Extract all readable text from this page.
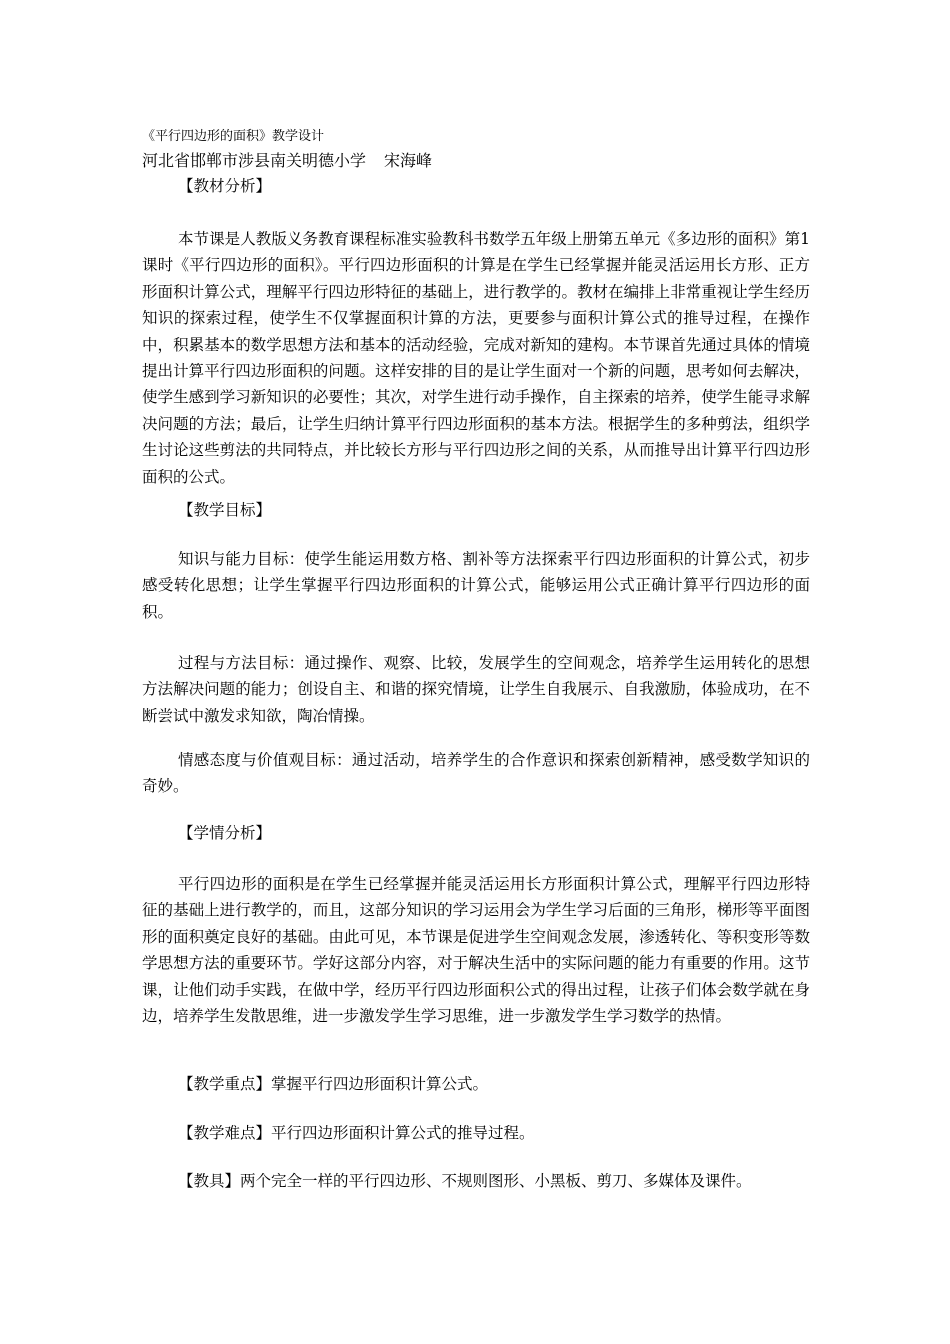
《平行四边形的面积》教学设计
河北省邯郸市涉县南关明德小学 宋海峰
【教材分析】
本节课是人教版义务教育课程标准实验教科书数学五年级上册第五单元《多边形的面积》第1课时《平行四边形的面积》。平行四边形面积的计算是在学生已经掌握并能灵活运用长方形、正方形面积计算公式，理解平行四边形特征的基础上，进行教学的。教材在编排上非常重视让学生经历知识的探索过程，使学生不仅掌握面积计算的方法，更要参与面积计算公式的推导过程，在操作中，积累基本的数学思想方法和基本的活动经验，完成对新知的建构。本节课首先通过具体的情境提出计算平行四边形面积的问题。这样安排的目的是让学生面对一个新的问题，思考如何去解决，使学生感到学习新知识的必要性；其次，对学生进行动手操作，自主探索的培养，使学生能寻求解决问题的方法；最后，让学生归纳计算平行四边形面积的基本方法。根据学生的多种剪法，组织学生讨论这些剪法的共同特点，并比较长方形与平行四边形之间的关系，从而推导出计算平行四边形面积的公式。
【教学目标】
知识与能力目标：使学生能运用数方格、割补等方法探索平行四边形面积的计算公式，初步感受转化思想；让学生掌握平行四边形面积的计算公式，能够运用公式正确计算平行四边形的面积。
过程与方法目标：通过操作、观察、比较，发展学生的空间观念，培养学生运用转化的思想方法解决问题的能力；创设自主、和谐的探究情境，让学生自我展示、自我激励，体验成功，在不断尝试中激发求知欲，陶冶情操。
情感态度与价值观目标：通过活动，培养学生的合作意识和探索创新精神，感受数学知识的奇妙。
【学情分析】
平行四边形的面积是在学生已经掌握并能灵活运用长方形面积计算公式，理解平行四边形特征的基础上进行教学的，而且，这部分知识的学习运用会为学生学习后面的三角形，梯形等平面图形的面积奠定良好的基础。由此可见，本节课是促进学生空间观念发展，渗透转化、等积变形等数学思想方法的重要环节。学好这部分内容，对于解决生活中的实际问题的能力有重要的作用。这节课，让他们动手实践，在做中学，经历平行四边形面积公式的得出过程，让孩子们体会数学就在身边，培养学生发散思维，进一步激发学生学习思维，进一步激发学生学习数学的热情。
【教学重点】掌握平行四边形面积计算公式。
【教学难点】平行四边形面积计算公式的推导过程。
【教具】两个完全一样的平行四边形、不规则图形、小黑板、剪刀、多媒体及课件。
